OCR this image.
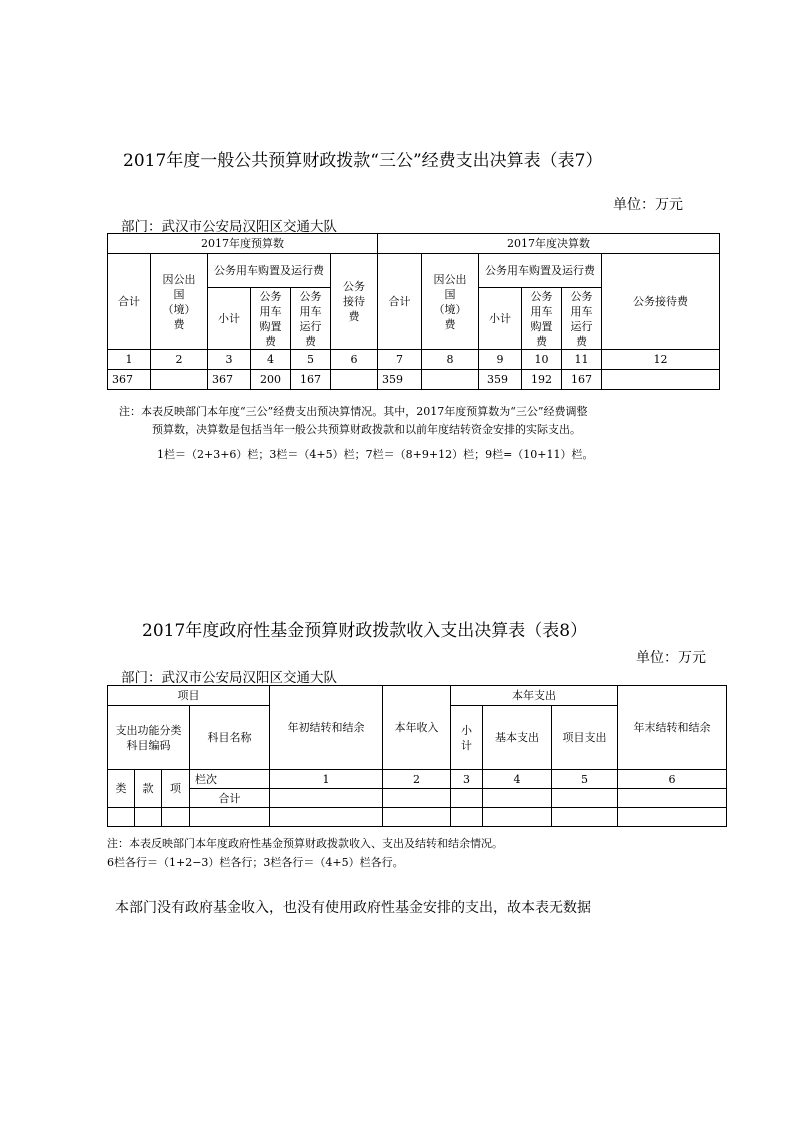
2017年度一般公共预算财政拨款“三公”经费支出决算表（表7）
单位：万元
部门：武汉市公安局汉阳区交通大队
2017年度预算数						2017年度决算数					
合计	因公出国（境）费	公务用车购置及运行费			公务接待费	合计	因公出国（境）费	公务用车购置及运行费			公务接待费
		小计	公务用车购置费	公务用车运行费				小计	公务用车购置费	公务用车运行费	
1	2	3	4	5	6	7	8	9	10	11	12
367		367	200	167		359		359	192	167	
注：本表反映部门本年度“三公”经费支出预决算情况。其中，2017年度预算数为“三公”经费调整
预算数，决算数是包括当年一般公共预算财政拨款和以前年度结转资金安排的实际支出。
1栏＝（2+3+6）栏；3栏＝（4+5）栏；7栏＝（8+9+12）栏；9栏=（10+11）栏。
2017年度政府性基金预算财政拨款收入支出决算表（表8）
单位：万元
部门：武汉市公安局汉阳区交通大队
项目				年初结转和结余	本年收入	本年支出			年末结转和结余
支出功能分类科目编码			科目名称			小计	基本支出	项目支出	
类	款	项	栏次	1	2	3	4	5	6
			合计						

注：本表反映部门本年度政府性基金预算财政拨款收入、支出及结转和结余情况。
6栏各行＝（1+2−3）栏各行；3栏各行＝（4+5）栏各行。
本部门没有政府基金收入，也没有使用政府性基金安排的支出，故本表无数据
